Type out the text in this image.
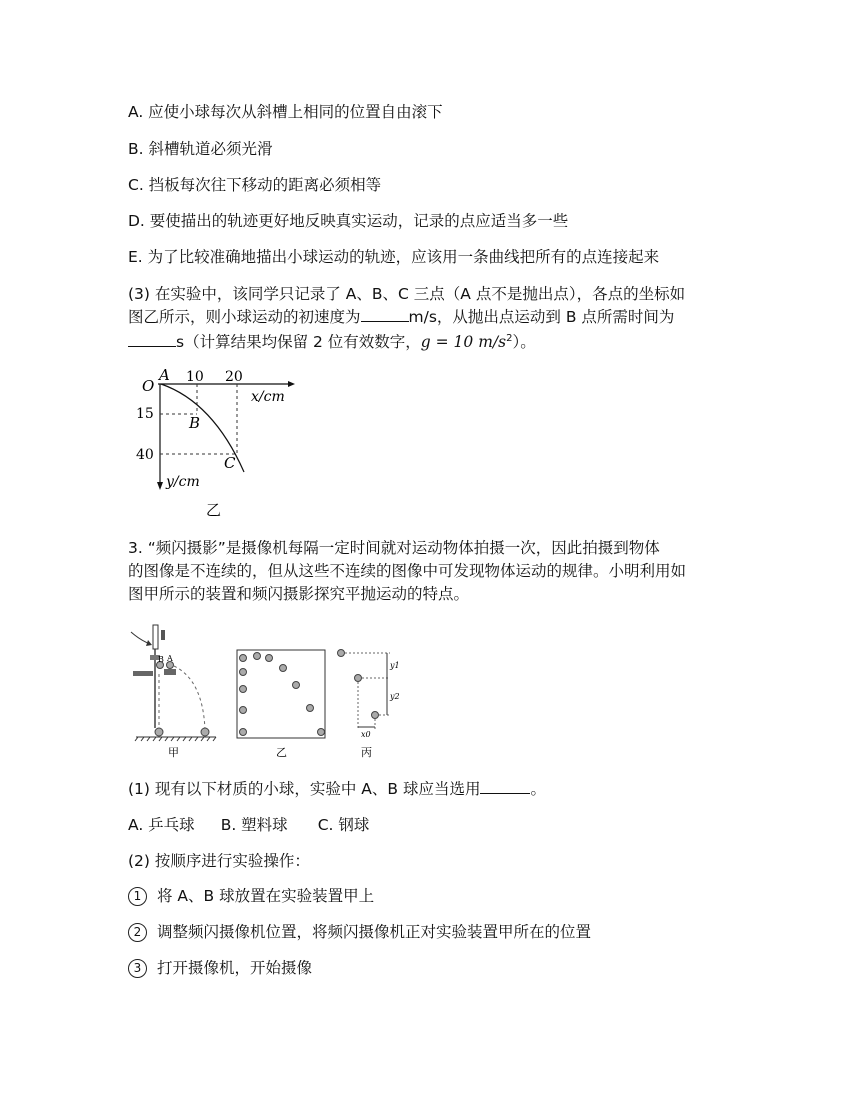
A. 应使小球每次从斜槽上相同的位置自由滚下
B. 斜槽轨道必须光滑
C. 挡板每次往下移动的距离必须相等
D. 要使描出的轨迹更好地反映真实运动，记录的点应适当多一些
E. 为了比较准确地描出小球运动的轨迹，应该用一条曲线把所有的点连接起来
(3) 在实验中，该同学只记录了 A、B、C 三点（A 点不是抛出点），各点的坐标如
图乙所示，则小球运动的初速度为	m/s，从抛出点运动到 B 点所需时间为
s（计算结果均保留 2 位有效数字，g = 10 $m/s^2$）。
O
A 10 20
x/cm
15
40
y/cm
B
C
乙
3. “频闪摄影”是摄像机每隔一定时间就对运动物体拍摄一次，因此拍摄到物体
的图像是不连续的，但从这些不连续的图像中可发现物体运动的规律。小明利用如
图甲所示的装置和频闪摄影探究平抛运动的特点。
B A
甲	乙
y1
y2
x0
丙
(1) 现有以下材质的小球，实验中 A、B 球应当选用	。
A. 乒乓球 B. 塑料球 C. 钢球
(2) 按顺序进行实验操作：
1 将 A、B 球放置在实验装置甲上
2 调整频闪摄像机位置，将频闪摄像机正对实验装置甲所在的位置
3 打开摄像机，开始摄像
